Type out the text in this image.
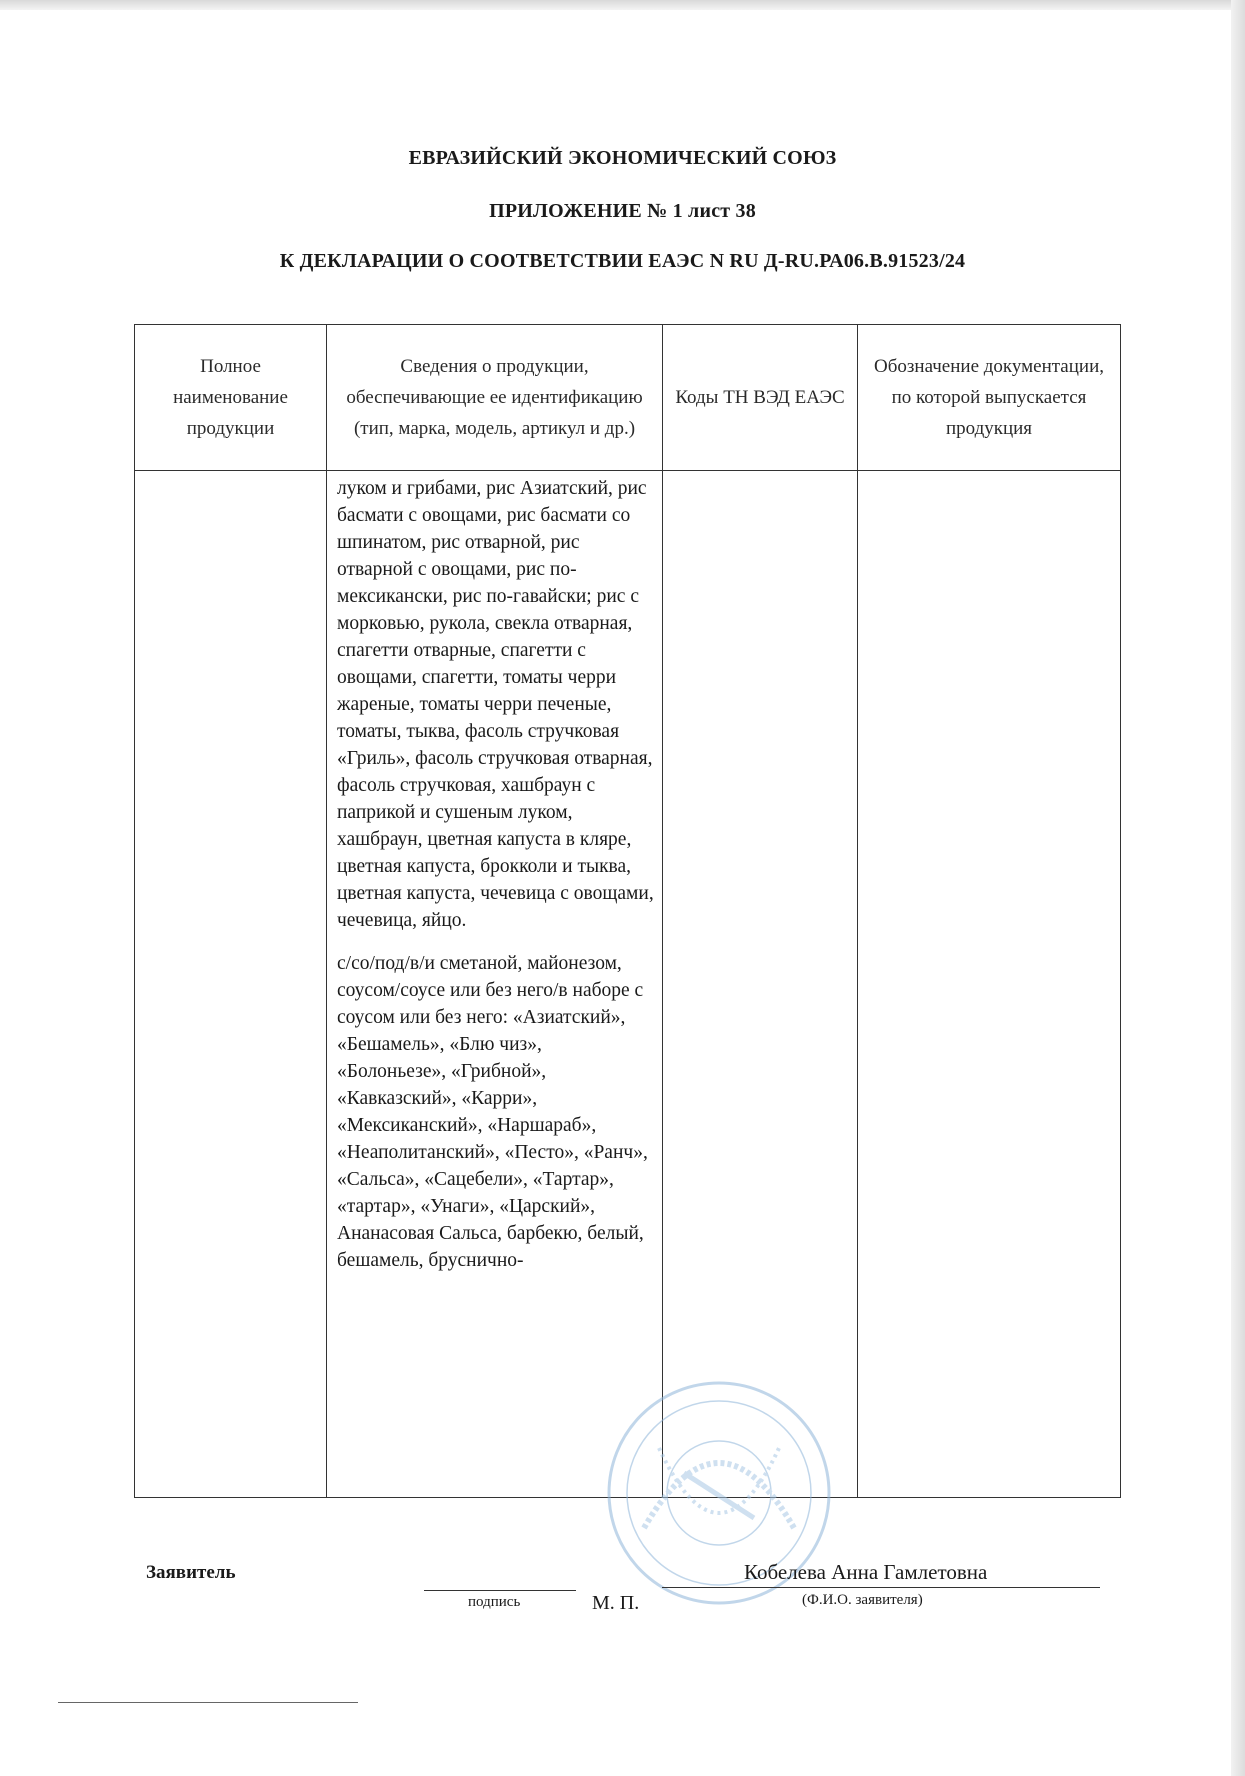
ЕВРАЗИЙСКИЙ ЭКОНОМИЧЕСКИЙ СОЮЗ
ПРИЛОЖЕНИЕ № 1 лист 38
К ДЕКЛАРАЦИИ О СООТВЕТСТВИИ ЕАЭС N RU Д-RU.РА06.В.91523/24
Полное наименование продукции	Сведения о продукции, обеспечивающие ее идентификацию (тип, марка, модель, артикул и др.)	Коды ТН ВЭД ЕАЭС	Обозначение документации, по которой выпускается продукция

	луком и грибами, рис Азиатский, рис басмати с овощами, рис басмати со шпинатом, рис отварной, рис отварной с овощами, рис по-мексикански, рис по-гавайски; рис с морковью, рукола, свекла отварная, спагетти отварные, спагетти с овощами, спагетти, томаты черри жареные, томаты черри печеные, томаты, тыква, фасоль стручковая «Гриль», фасоль стручковая отварная, фасоль стручковая, хашбраун с паприкой и сушеным луком, хашбраун, цветная капуста в кляре, цветная капуста, брокколи и тыква, цветная капуста, чечевица с овощами, чечевица, яйцо.

с/со/под/в/и сметаной, майонезом, соусом/соусе или без него/в наборе с соусом или без него: «Азиатский», «Бешамель», «Блю чиз», «Болоньезе», «Грибной», «Кавказский», «Карри», «Мексиканский», «Наршараб», «Неаполитанский», «Песто», «Ранч», «Сальса», «Сацебели», «Тартар», «тартар», «Унаги», «Царский», Ананасовая Сальса, барбекю, белый, бешамель, бруснично-		

Заявитель
подпись	М. П.
Кобелева Анна Гамлетовна
(Ф.И.О. заявителя)
